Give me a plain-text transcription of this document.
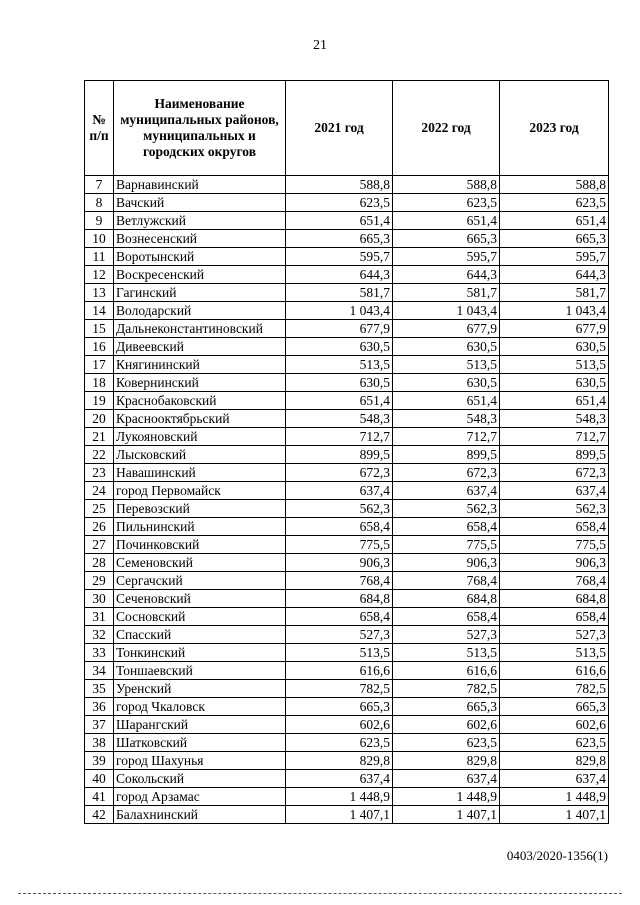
21
№ п/п	Наименование муниципальных районов, муниципальных и городских округов	2021 год	2022 год	2023 год
7	Варнавинский	588,8	588,8	588,8
8	Вачский	623,5	623,5	623,5
9	Ветлужский	651,4	651,4	651,4
10	Вознесенский	665,3	665,3	665,3
11	Воротынский	595,7	595,7	595,7
12	Воскресенский	644,3	644,3	644,3
13	Гагинский	581,7	581,7	581,7
14	Володарский	1 043,4	1 043,4	1 043,4
15	Дальнеконстантиновский	677,9	677,9	677,9
16	Дивеевский	630,5	630,5	630,5
17	Княгининский	513,5	513,5	513,5
18	Ковернинский	630,5	630,5	630,5
19	Краснобаковский	651,4	651,4	651,4
20	Краснооктябрьский	548,3	548,3	548,3
21	Лукояновский	712,7	712,7	712,7
22	Лысковский	899,5	899,5	899,5
23	Навашинский	672,3	672,3	672,3
24	город Первомайск	637,4	637,4	637,4
25	Перевозский	562,3	562,3	562,3
26	Пильнинский	658,4	658,4	658,4
27	Починковский	775,5	775,5	775,5
28	Семеновский	906,3	906,3	906,3
29	Сергачский	768,4	768,4	768,4
30	Сеченовский	684,8	684,8	684,8
31	Сосновский	658,4	658,4	658,4
32	Спасский	527,3	527,3	527,3
33	Тонкинский	513,5	513,5	513,5
34	Тоншаевский	616,6	616,6	616,6
35	Уренский	782,5	782,5	782,5
36	город Чкаловск	665,3	665,3	665,3
37	Шарангский	602,6	602,6	602,6
38	Шатковский	623,5	623,5	623,5
39	город Шахунья	829,8	829,8	829,8
40	Сокольский	637,4	637,4	637,4
41	город Арзамас	1 448,9	1 448,9	1 448,9
42	Балахнинский	1 407,1	1 407,1	1 407,1
0403/2020-1356(1)
